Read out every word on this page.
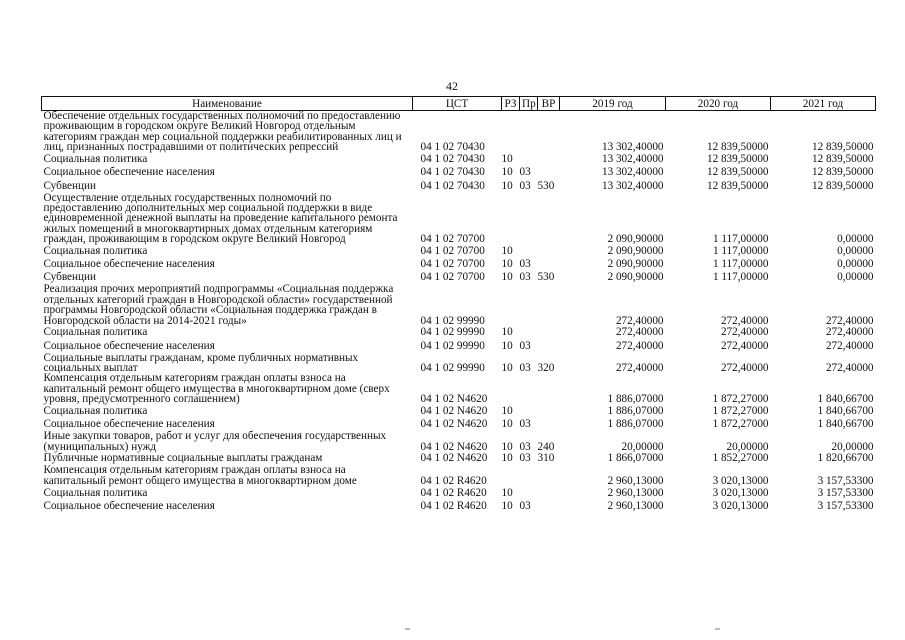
42
Наименование	ЦСТ	РЗ	Пр	ВР	2019 год	2020 год	2021 год
Обеспечение отдельных государственных полномочий по предоставлению проживающим в городском округе Великий Новгород отдельным категориям граждан мер социальной поддержки реабилитированных лиц и лиц, признанных пострадавшими от политических репрессий	04 1 02 70430				13 302,40000	12 839,50000	12 839,50000
Социальная политика	04 1 02 70430	10			13 302,40000	12 839,50000	12 839,50000
Социальное обеспечение населения	04 1 02 70430	10	03		13 302,40000	12 839,50000	12 839,50000
Субвенции	04 1 02 70430	10	03	530	13 302,40000	12 839,50000	12 839,50000
Осуществление отдельных государственных полномочий по предоставлению дополнительных мер социальной поддержки в виде единовременной денежной выплаты на проведение капитального ремонта жилых помещений в многоквартирных домах отдельным категориям граждан, проживающим в городском округе Великий Новгород	04 1 02 70700				2 090,90000	1 117,00000	0,00000
Социальная политика	04 1 02 70700	10			2 090,90000	1 117,00000	0,00000
Социальное обеспечение населения	04 1 02 70700	10	03		2 090,90000	1 117,00000	0,00000
Субвенции	04 1 02 70700	10	03	530	2 090,90000	1 117,00000	0,00000
Реализация прочих мероприятий подпрограммы «Социальная поддержка отдельных категорий граждан в Новгородской области» государственной программы Новгородской области «Социальная поддержка граждан в Новгородской области на 2014-2021 годы»	04 1 02 99990				272,40000	272,40000	272,40000
Социальная политика	04 1 02 99990	10			272,40000	272,40000	272,40000
Социальное обеспечение населения	04 1 02 99990	10	03		272,40000	272,40000	272,40000
Социальные выплаты гражданам, кроме публичных нормативных социальных выплат	04 1 02 99990	10	03	320	272,40000	272,40000	272,40000
Компенсация отдельным категориям граждан оплаты взноса на капитальный ремонт общего имущества в многоквартирном доме (сверх уровня, предусмотренного соглашением)	04 1 02 N4620				1 886,07000	1 872,27000	1 840,66700
Социальная политика	04 1 02 N4620	10			1 886,07000	1 872,27000	1 840,66700
Социальное обеспечение населения	04 1 02 N4620	10	03		1 886,07000	1 872,27000	1 840,66700
Иные закупки товаров, работ и услуг для обеспечения государственных (муниципальных) нужд	04 1 02 N4620	10	03	240	20,00000	20,00000	20,00000
Публичные нормативные социальные выплаты гражданам	04 1 02 N4620	10	03	310	1 866,07000	1 852,27000	1 820,66700
Компенсация отдельным категориям граждан оплаты взноса на капитальный ремонт общего имущества в многоквартирном доме	04 1 02 R4620				2 960,13000	3 020,13000	3 157,53300
Социальная политика	04 1 02 R4620	10			2 960,13000	3 020,13000	3 157,53300
Социальное обеспечение населения	04 1 02 R4620	10	03		2 960,13000	3 020,13000	3 157,53300
